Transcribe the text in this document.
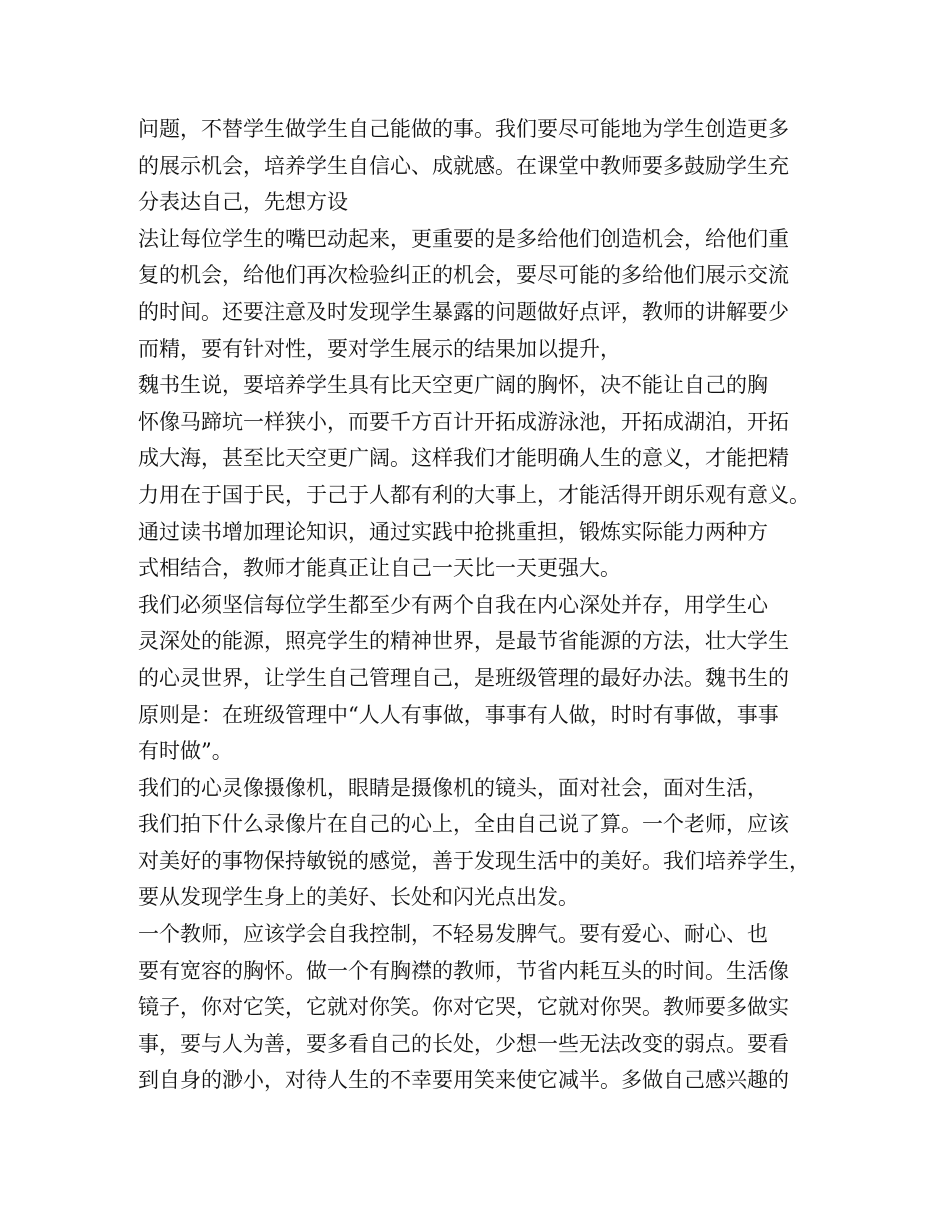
问题，不替学生做学生自己能做的事。我们要尽可能地为学生创造更多
的展示机会，培养学生自信心、成就感。在课堂中教师要多鼓励学生充
分表达自己，先想方设
法让每位学生的嘴巴动起来，更重要的是多给他们创造机会，给他们重
复的机会，给他们再次检验纠正的机会，要尽可能的多给他们展示交流
的时间。还要注意及时发现学生暴露的问题做好点评，教师的讲解要少
而精，要有针对性，要对学生展示的结果加以提升，
魏书生说，要培养学生具有比天空更广阔的胸怀，决不能让自己的胸
怀像马蹄坑一样狭小，而要千方百计开拓成游泳池，开拓成湖泊，开拓
成大海，甚至比天空更广阔。这样我们才能明确人生的意义，才能把精
力用在于国于民，于己于人都有利的大事上，才能活得开朗乐观有意义。
通过读书增加理论知识，通过实践中抢挑重担，锻炼实际能力两种方
式相结合，教师才能真正让自己一天比一天更强大。
我们必须坚信每位学生都至少有两个自我在内心深处并存，用学生心
灵深处的能源，照亮学生的精神世界，是最节省能源的方法，壮大学生
的心灵世界，让学生自己管理自己，是班级管理的最好办法。魏书生的
原则是：在班级管理中“人人有事做，事事有人做，时时有事做，事事
有时做”。
我们的心灵像摄像机，眼睛是摄像机的镜头，面对社会，面对生活，
我们拍下什么录像片在自己的心上，全由自己说了算。一个老师，应该
对美好的事物保持敏锐的感觉，善于发现生活中的美好。我们培养学生，
要从发现学生身上的美好、长处和闪光点出发。
一个教师，应该学会自我控制，不轻易发脾气。要有爱心、耐心、也
要有宽容的胸怀。做一个有胸襟的教师，节省内耗互头的时间。生活像
镜子，你对它笑，它就对你笑。你对它哭，它就对你哭。教师要多做实
事，要与人为善，要多看自己的长处，少想一些无法改变的弱点。要看
到自身的渺小，对待人生的不幸要用笑来使它减半。多做自己感兴趣的
